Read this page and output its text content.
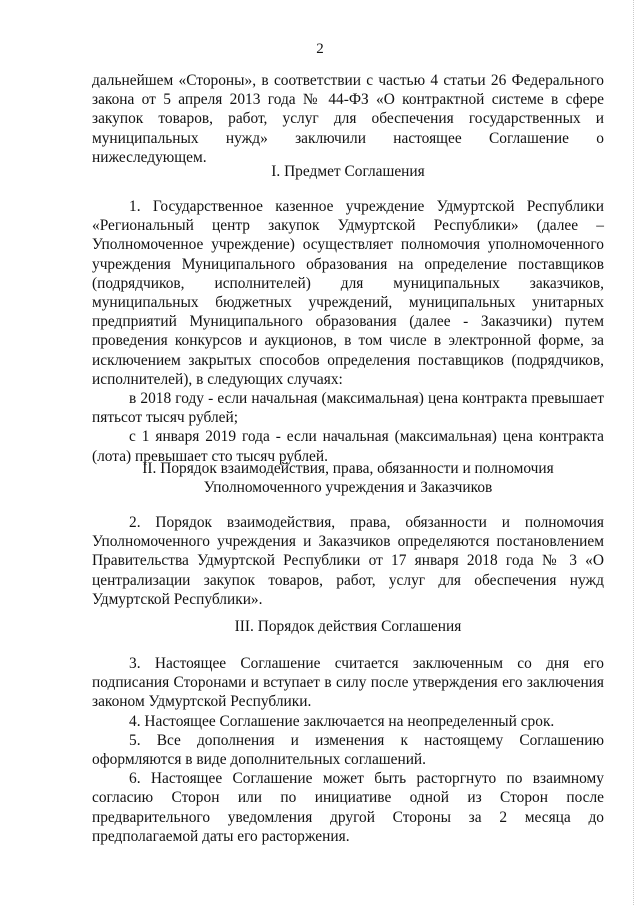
2

дальнейшем «Стороны», в соответствии с частью 4 статьи 26 Федерального закона от 5 апреля 2013 года № 44-ФЗ «О контрактной системе в сфере закупок товаров, работ, услуг для обеспечения государственных и муниципальных нужд» заключили настоящее Соглашение о нижеследующем.

I. Предмет Соглашения

1. Государственное казенное учреждение Удмуртской Республики «Региональный центр закупок Удмуртской Республики» (далее – Уполномоченное учреждение) осуществляет полномочия уполномоченного учреждения Муниципального образования на определение поставщиков (подрядчиков, исполнителей) для муниципальных заказчиков, муниципальных бюджетных учреждений, муниципальных унитарных предприятий Муниципального образования (далее - Заказчики) путем проведения конкурсов и аукционов, в том числе в электронной форме, за исключением закрытых способов определения поставщиков (подрядчиков, исполнителей), в следующих случаях:

в 2018 году - если начальная (максимальная) цена контракта превышает пятьсот тысяч рублей;

с 1 января 2019 года - если начальная (максимальная) цена контракта (лота) превышает сто тысяч рублей.

II. Порядок взаимодействия, права, обязанности и полномочия

Уполномоченного учреждения и Заказчиков

2. Порядок взаимодействия, права, обязанности и полномочия Уполномоченного учреждения и Заказчиков определяются постановлением Правительства Удмуртской Республики от 17 января 2018 года № 3 «О централизации закупок товаров, работ, услуг для обеспечения нужд Удмуртской Республики».

III. Порядок действия Соглашения

3. Настоящее Соглашение считается заключенным со дня его подписания Сторонами и вступает в силу после утверждения его заключения законом Удмуртской Республики.

4. Настоящее Соглашение заключается на неопределенный срок.

5. Все дополнения и изменения к настоящему Соглашению оформляются в виде дополнительных соглашений.

6. Настоящее Соглашение может быть расторгнуто по взаимному согласию Сторон или по инициативе одной из Сторон после предварительного уведомления другой Стороны за 2 месяца до предполагаемой даты его расторжения.
